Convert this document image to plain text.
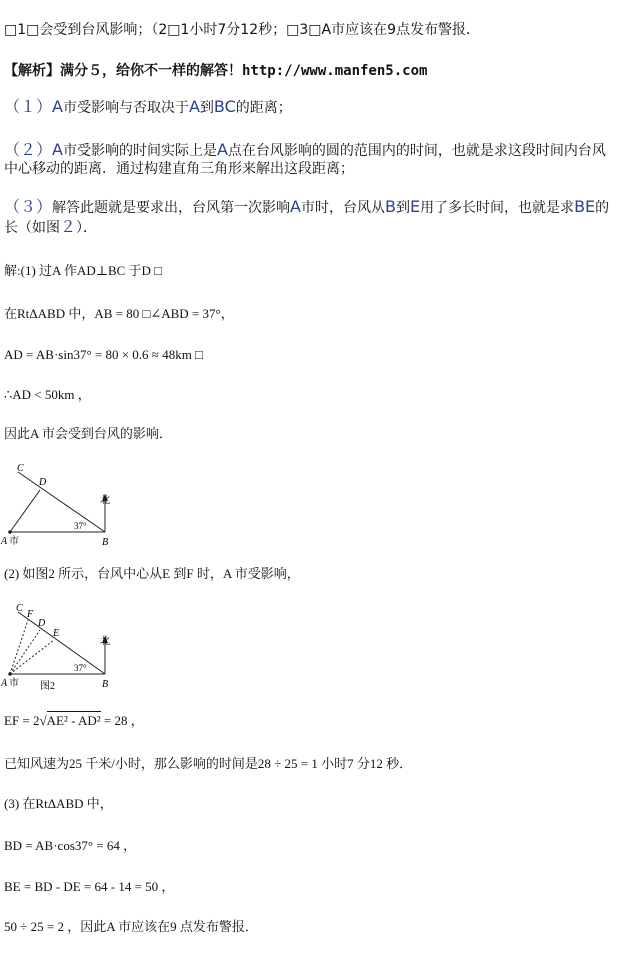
□1□会受到台风影响；（2□1小时7分12秒；□3□A市应该在9点发布警报．
【解析】满分５，给你不一样的解答！http://www.manfen5.com
（１）A市受影响与否取决于A到BC的距离；
（２）A市受影响的时间实际上是A点在台风影响的圆的范围内的时间，也就是求这段时间内台风
中心移动的距离．通过构建直角三角形来解出这段距离；
（３）解答此题就是要求出，台风第一次影响A市时，台风从B到E用了多长时间，也就是求BE的
长（如图２）．
解:(1) 过A 作AD⊥BC 于D □
在RtΔABD 中，AB = 80 □∠ABD = 37°，
AD = AB·sin37° = 80 × 0.6 ≈ 48km □
∴AD < 50km ，
因此A 市会受到台风的影响．
C
D
A 市	B
北
37°
(2) 如图2 所示，台风中心从E 到F 时，A 市受影响，
C
F
D
E
A 市 图2	B
北
37°
EF = 2√AE² - AD² = 28 ，
已知风速为25 千米/小时，那么影响的时间是28 ÷ 25 = 1 小时7 分12 秒．
(3) 在RtΔABD 中，
BD = AB·cos37° = 64 ，
BE = BD - DE = 64 - 14 = 50 ，
50 ÷ 25 = 2 ，因此A 市应该在9 点发布警报．
